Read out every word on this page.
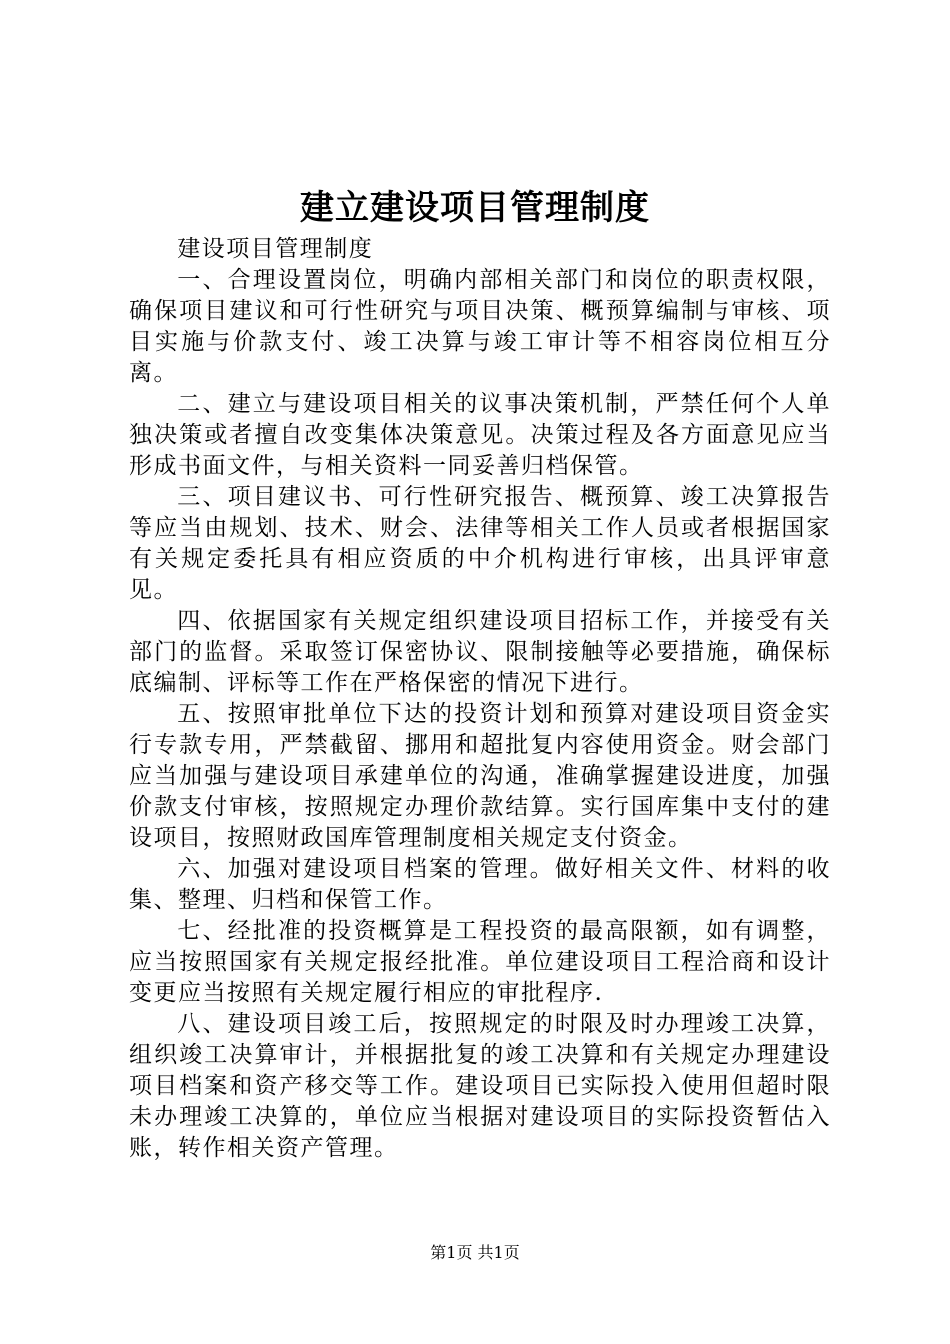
建立建设项目管理制度

建设项目管理制度

一、合理设置岗位，明确内部相关部门和岗位的职责权限，确保项目建议和可行性研究与项目决策、概预算编制与审核、项目实施与价款支付、竣工决算与竣工审计等不相容岗位相互分离。

二、建立与建设项目相关的议事决策机制，严禁任何个人单独决策或者擅自改变集体决策意见。决策过程及各方面意见应当形成书面文件，与相关资料一同妥善归档保管。

三、项目建议书、可行性研究报告、概预算、竣工决算报告等应当由规划、技术、财会、法律等相关工作人员或者根据国家有关规定委托具有相应资质的中介机构进行审核，出具评审意见。

四、依据国家有关规定组织建设项目招标工作，并接受有关部门的监督。采取签订保密协议、限制接触等必要措施，确保标底编制、评标等工作在严格保密的情况下进行。

五、按照审批单位下达的投资计划和预算对建设项目资金实行专款专用，严禁截留、挪用和超批复内容使用资金。财会部门应当加强与建设项目承建单位的沟通，准确掌握建设进度，加强价款支付审核，按照规定办理价款结算。实行国库集中支付的建设项目，按照财政国库管理制度相关规定支付资金。

六、加强对建设项目档案的管理。做好相关文件、材料的收集、整理、归档和保管工作。

七、经批准的投资概算是工程投资的最高限额，如有调整，应当按照国家有关规定报经批准。单位建设项目工程洽商和设计变更应当按照有关规定履行相应的审批程序.

八、建设项目竣工后，按照规定的时限及时办理竣工决算，组织竣工决算审计，并根据批复的竣工决算和有关规定办理建设项目档案和资产移交等工作。建设项目已实际投入使用但超时限未办理竣工决算的，单位应当根据对建设项目的实际投资暂估入账，转作相关资产管理。

第1页 共1页
